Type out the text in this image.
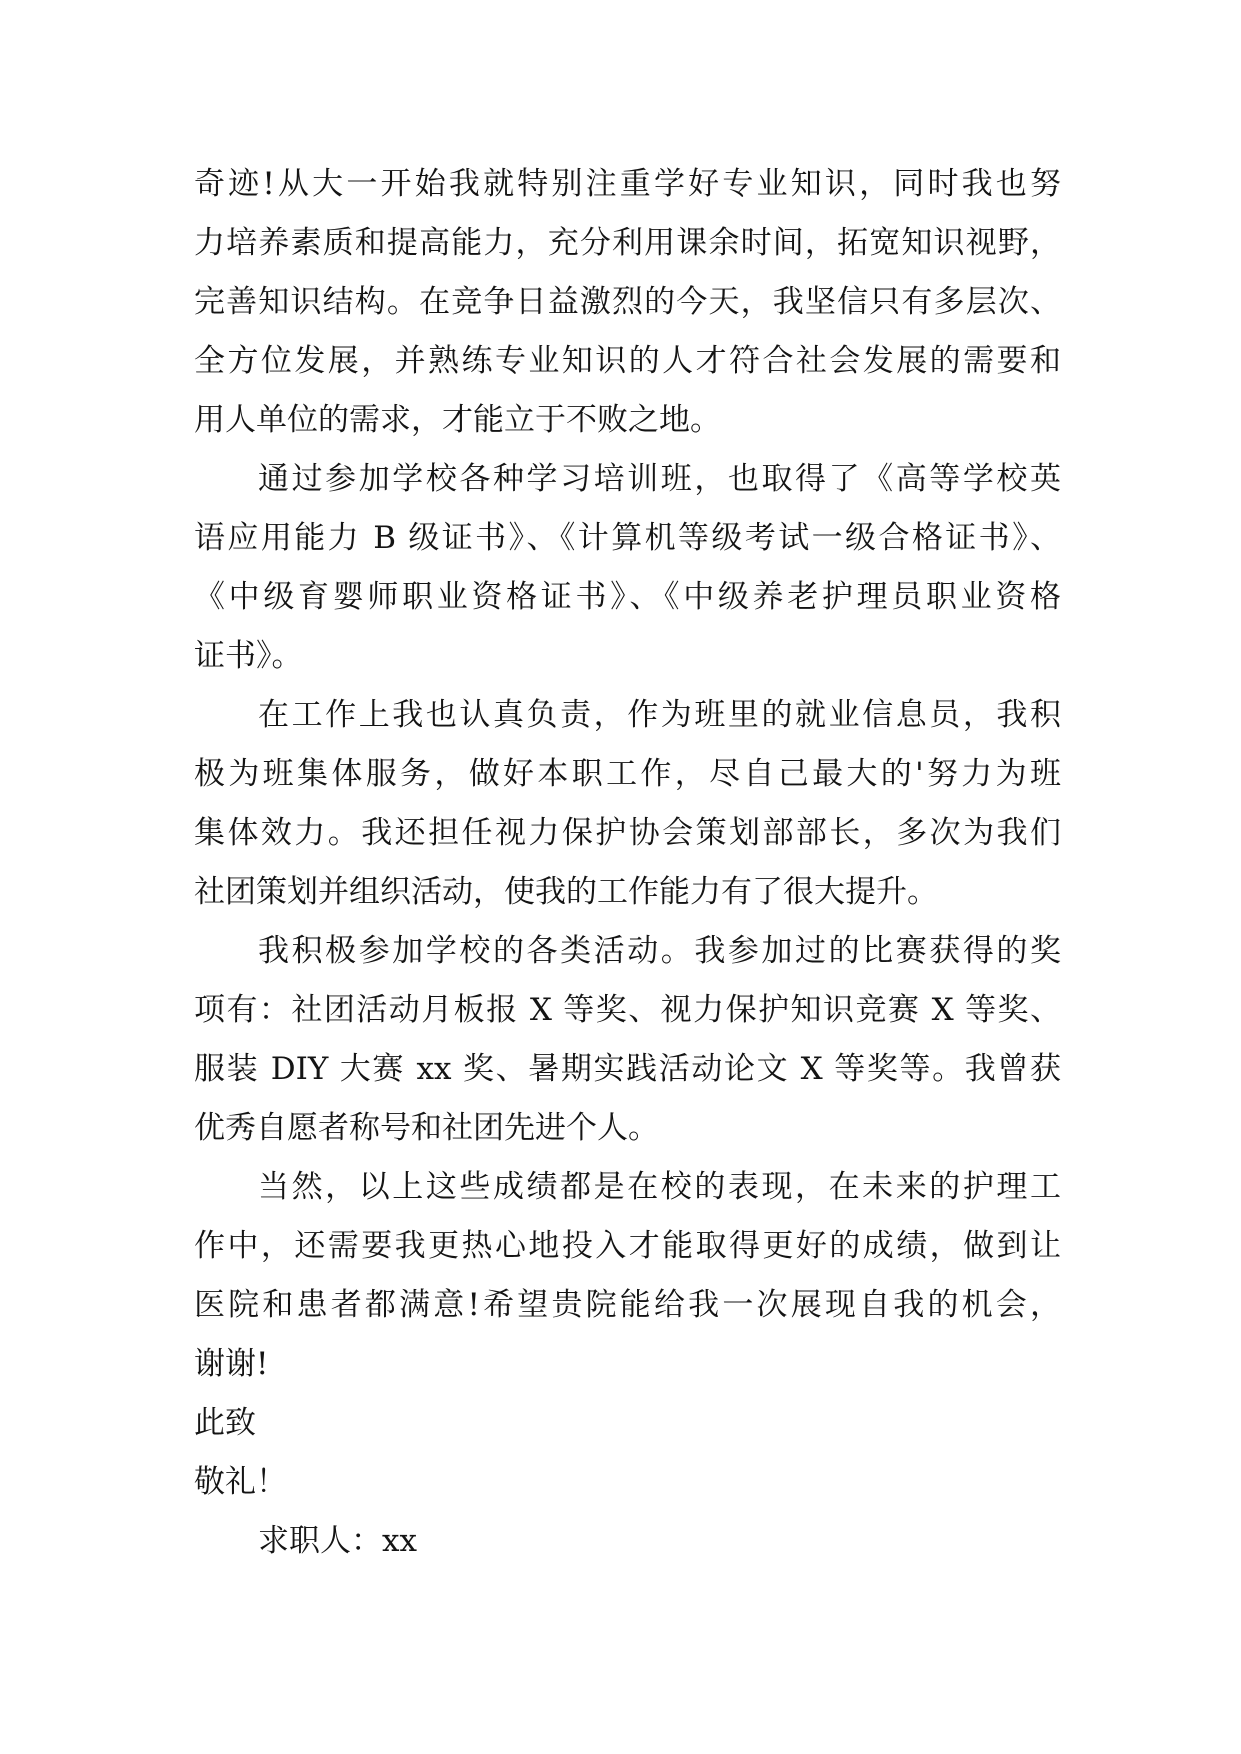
奇迹!从大一开始我就特别注重学好专业知识，同时我也努
力培养素质和提高能力，充分利用课余时间，拓宽知识视野，
完善知识结构。在竞争日益激烈的今天，我坚信只有多层次、
全方位发展，并熟练专业知识的人才符合社会发展的需要和
用人单位的需求，才能立于不败之地。
通过参加学校各种学习培训班，也取得了《高等学校英
语应用能力 B 级证书》、《计算机等级考试一级合格证书》、
《中级育婴师职业资格证书》、《中级养老护理员职业资格
证书》。
在工作上我也认真负责，作为班里的就业信息员，我积
极为班集体服务，做好本职工作，尽自己最大的'努力为班
集体效力。我还担任视力保护协会策划部部长，多次为我们
社团策划并组织活动，使我的工作能力有了很大提升。
我积极参加学校的各类活动。我参加过的比赛获得的奖
项有：社团活动月板报 X 等奖、视力保护知识竞赛 X 等奖、
服装 DIY 大赛 xx 奖、暑期实践活动论文 X 等奖等。我曾获
优秀自愿者称号和社团先进个人。
当然，以上这些成绩都是在校的表现，在未来的护理工
作中，还需要我更热心地投入才能取得更好的成绩，做到让
医院和患者都满意!希望贵院能给我一次展现自我的机会，
谢谢!
此致
敬礼！
求职人：xx
